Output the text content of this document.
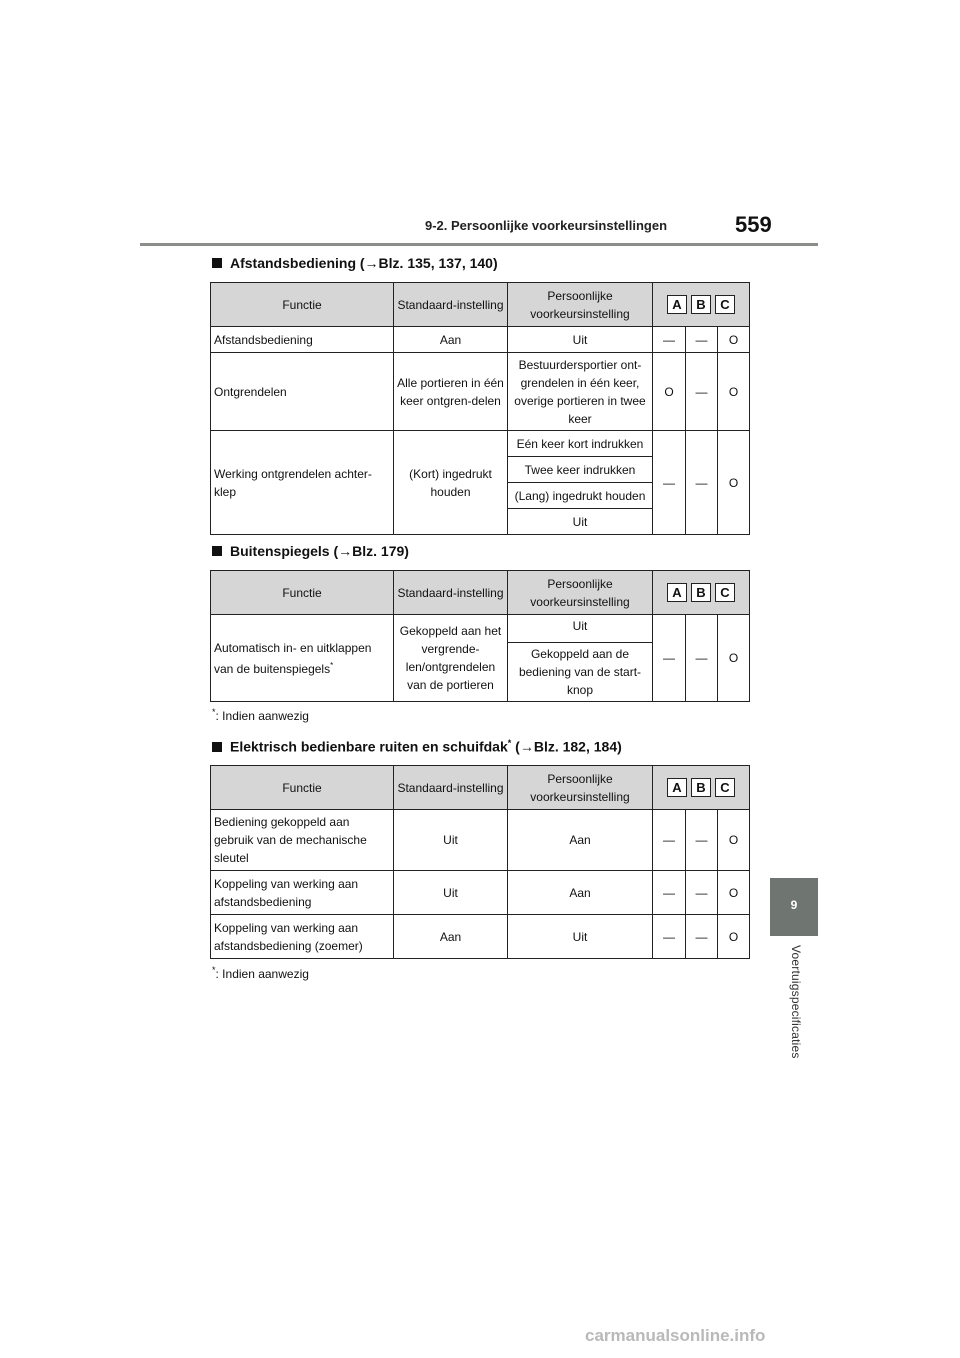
9-2. Persoonlijke voorkeursinstellingen	559
9
Voertuigspecificaties
Afstandsbediening (→Blz. 135, 137, 140)
Functie	Standaard-instelling	Persoonlijke voorkeursinstelling	A B C		

Afstandsbediening	Aan	Uit	—	—	O
Ontgrendelen	Alle portieren in één keer ontgren-delen	Bestuurdersportier ont-grendelen in één keer, overige portieren in twee keer	O	—	O
Werking ontgrendelen achter-klep	(Kort) ingedrukt houden	Eén keer kort indrukken	—	—	O
		Twee keer indrukken			
		(Lang) ingedrukt houden			
		Uit			
Buitenspiegels (→Blz. 179)
Functie	Standaard-instelling	Persoonlijke voorkeursinstelling	A B C		

Automatisch in- en uitklappen van de buitenspiegels*	Gekoppeld aan het vergrende-len/ontgrendelen van de portieren	Uit	—	—	O
		Gekoppeld aan de bediening van de start-knop			
*: Indien aanwezig
Elektrisch bedienbare ruiten en schuifdak* (→Blz. 182, 184)
Functie	Standaard-instelling	Persoonlijke voorkeursinstelling	A B C		

Bediening gekoppeld aan gebruik van de mechanische sleutel	Uit	Aan	—	—	O
Koppeling van werking aan afstandsbediening	Uit	Aan	—	—	O
Koppeling van werking aan afstandsbediening (zoemer)	Aan	Uit	—	—	O
*: Indien aanwezig
carmanualsonline.info
